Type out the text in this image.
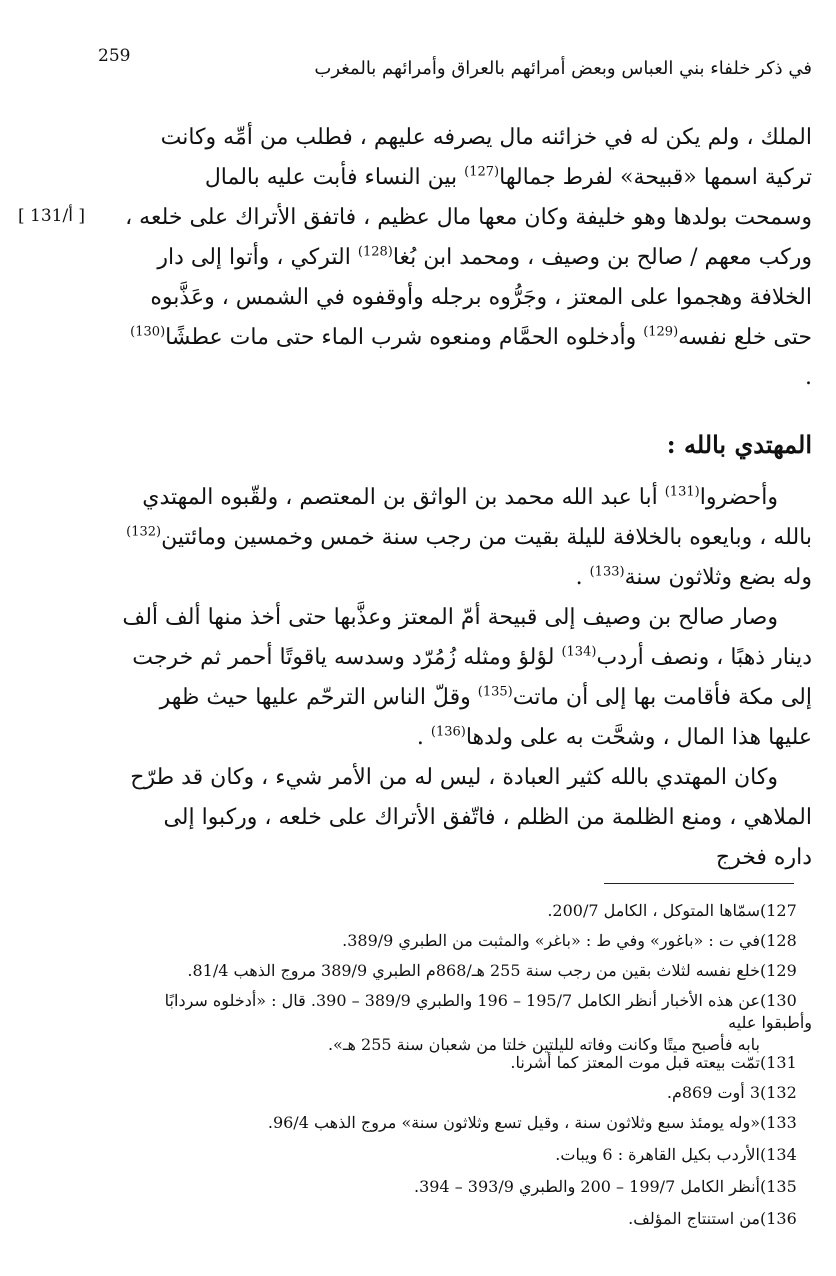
259
في ذكر خلفاء بني العباس وبعض أمرائهم بالعراق وأمرائهم بالمغرب
[ 131/أ ]

الملك ، ولم يكن له في خزائنه مال يصرفه عليهم ، فطلب من أمِّه وكانت تركية اسمها «قبيحة» لفرط جمالها$^{(127)}$ بين النساء فأبت عليه بالمال وسمحت بولدها وهو خليفة وكان معها مال عظيم ، فاتفق الأتراك على خلعه ، وركب معهم / صالح بن وصيف ، ومحمد ابن بُغا$^{(128)}$ التركي ، وأتوا إلى دار الخلافة وهجموا على المعتز ، وجَرُّوه برجله وأوقفوه في الشمس ، وعَذَّبوه حتى خلع نفسه$^{(129)}$ وأدخلوه الحمَّام ومنعوه شرب الماء حتى مات عطشًا$^{(130)}$ .

المهتدي بالله :

وأحضروا$^{(131)}$ أبا عبد الله محمد بن الواثق بن المعتصم ، ولقّبوه المهتدي بالله ، وبايعوه بالخلافة لليلة بقيت من رجب سنة خمس وخمسين ومائتين$^{(132)}$ وله بضع وثلاثون سنة$^{(133)}$ .

وصار صالح بن وصيف إلى قبيحة أمّ المعتز وعذَّبها حتى أخذ منها ألف ألف دينار ذهبًا ، ونصف أردب$^{(134)}$ لؤلؤ ومثله زُمُرّد وسدسه ياقوتًا أحمر ثم خرجت إلى مكة فأقامت بها إلى أن ماتت$^{(135)}$ وقلّ الناس الترحّم عليها حيث ظهر عليها هذا المال ، وشحَّت به على ولدها$^{(136)}$ .

وكان المهتدي بالله كثير العبادة ، ليس له من الأمر شيء ، وكان قد طرّح الملاهي ، ومنع الظلمة من الظلم ، فاتّفق الأتراك على خلعه ، وركبوا إلى داره فخرج

(127سمّاها المتوكل ، الكامل 200/7.
(128في ت : «باغور» وفي ط : «باغر» والمثبت من الطبري 389/9.
(129خلع نفسه لثلاث بقين من رجب سنة 255 هـ/868م الطبري 389/9 مروج الذهب 81/4.
(130عن هذه الأخبار أنظر الكامل 195/7 – 196 والطبري 389/9 – 390. قال : «أدخلوه سردابًا وأطبقوا عليه
بابه فأصبح ميتًا وكانت وفاته لليلتين خلتا من شعبان سنة 255 هـ».
(131تمّت بيعته قبل موت المعتز كما أشرنا.
(1323 أوت 869م.
(133«وله يومئذ سبع وثلاثون سنة ، وقيل تسع وثلاثون سنة» مروج الذهب 96/4.
(134الأردب بكيل القاهرة : 6 ويبات.
(135أنظر الكامل 199/7 – 200 والطبري 393/9 – 394.
(136من استنتاج المؤلف.
